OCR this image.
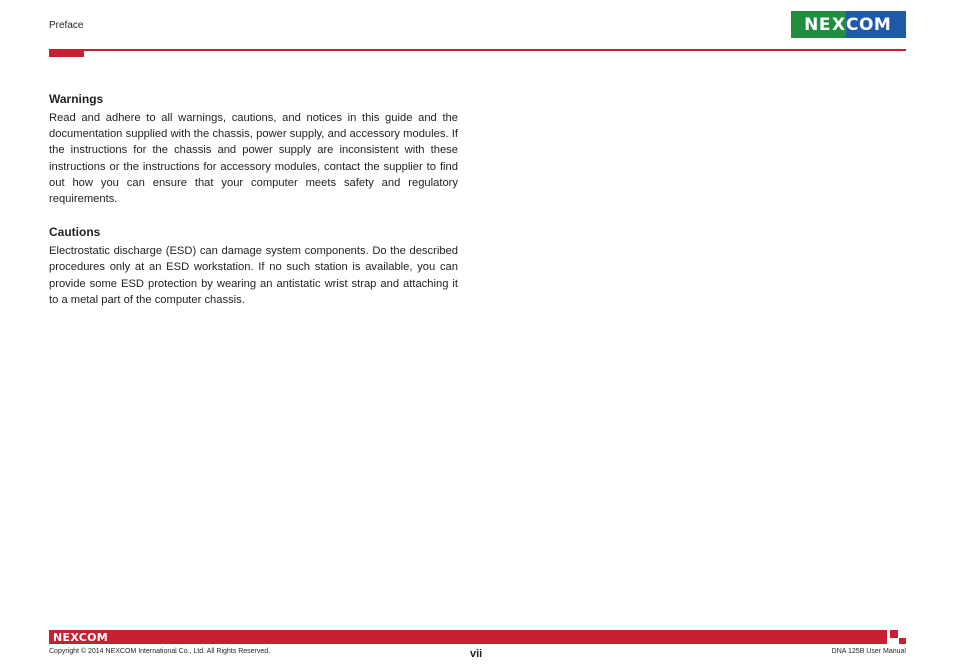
Preface	NE X COM
Warnings

Read and adhere to all warnings, cautions, and notices in this guide and the documentation supplied with the chassis, power supply, and accessory modules. If the instructions for the chassis and power supply are inconsistent with these instructions or the instructions for accessory modules, contact the supplier to find out how you can ensure that your computer meets safety and regulatory requirements.

Cautions

Electrostatic discharge (ESD) can damage system components. Do the described procedures only at an ESD workstation. If no such station is available, you can provide some ESD protection by wearing an antistatic wrist strap and attaching it to a metal part of the computer chassis.

NEXCOM
Copyright © 2014 NEXCOM International Co., Ltd. All Rights Reserved.	vii	DNA 125B User Manual
